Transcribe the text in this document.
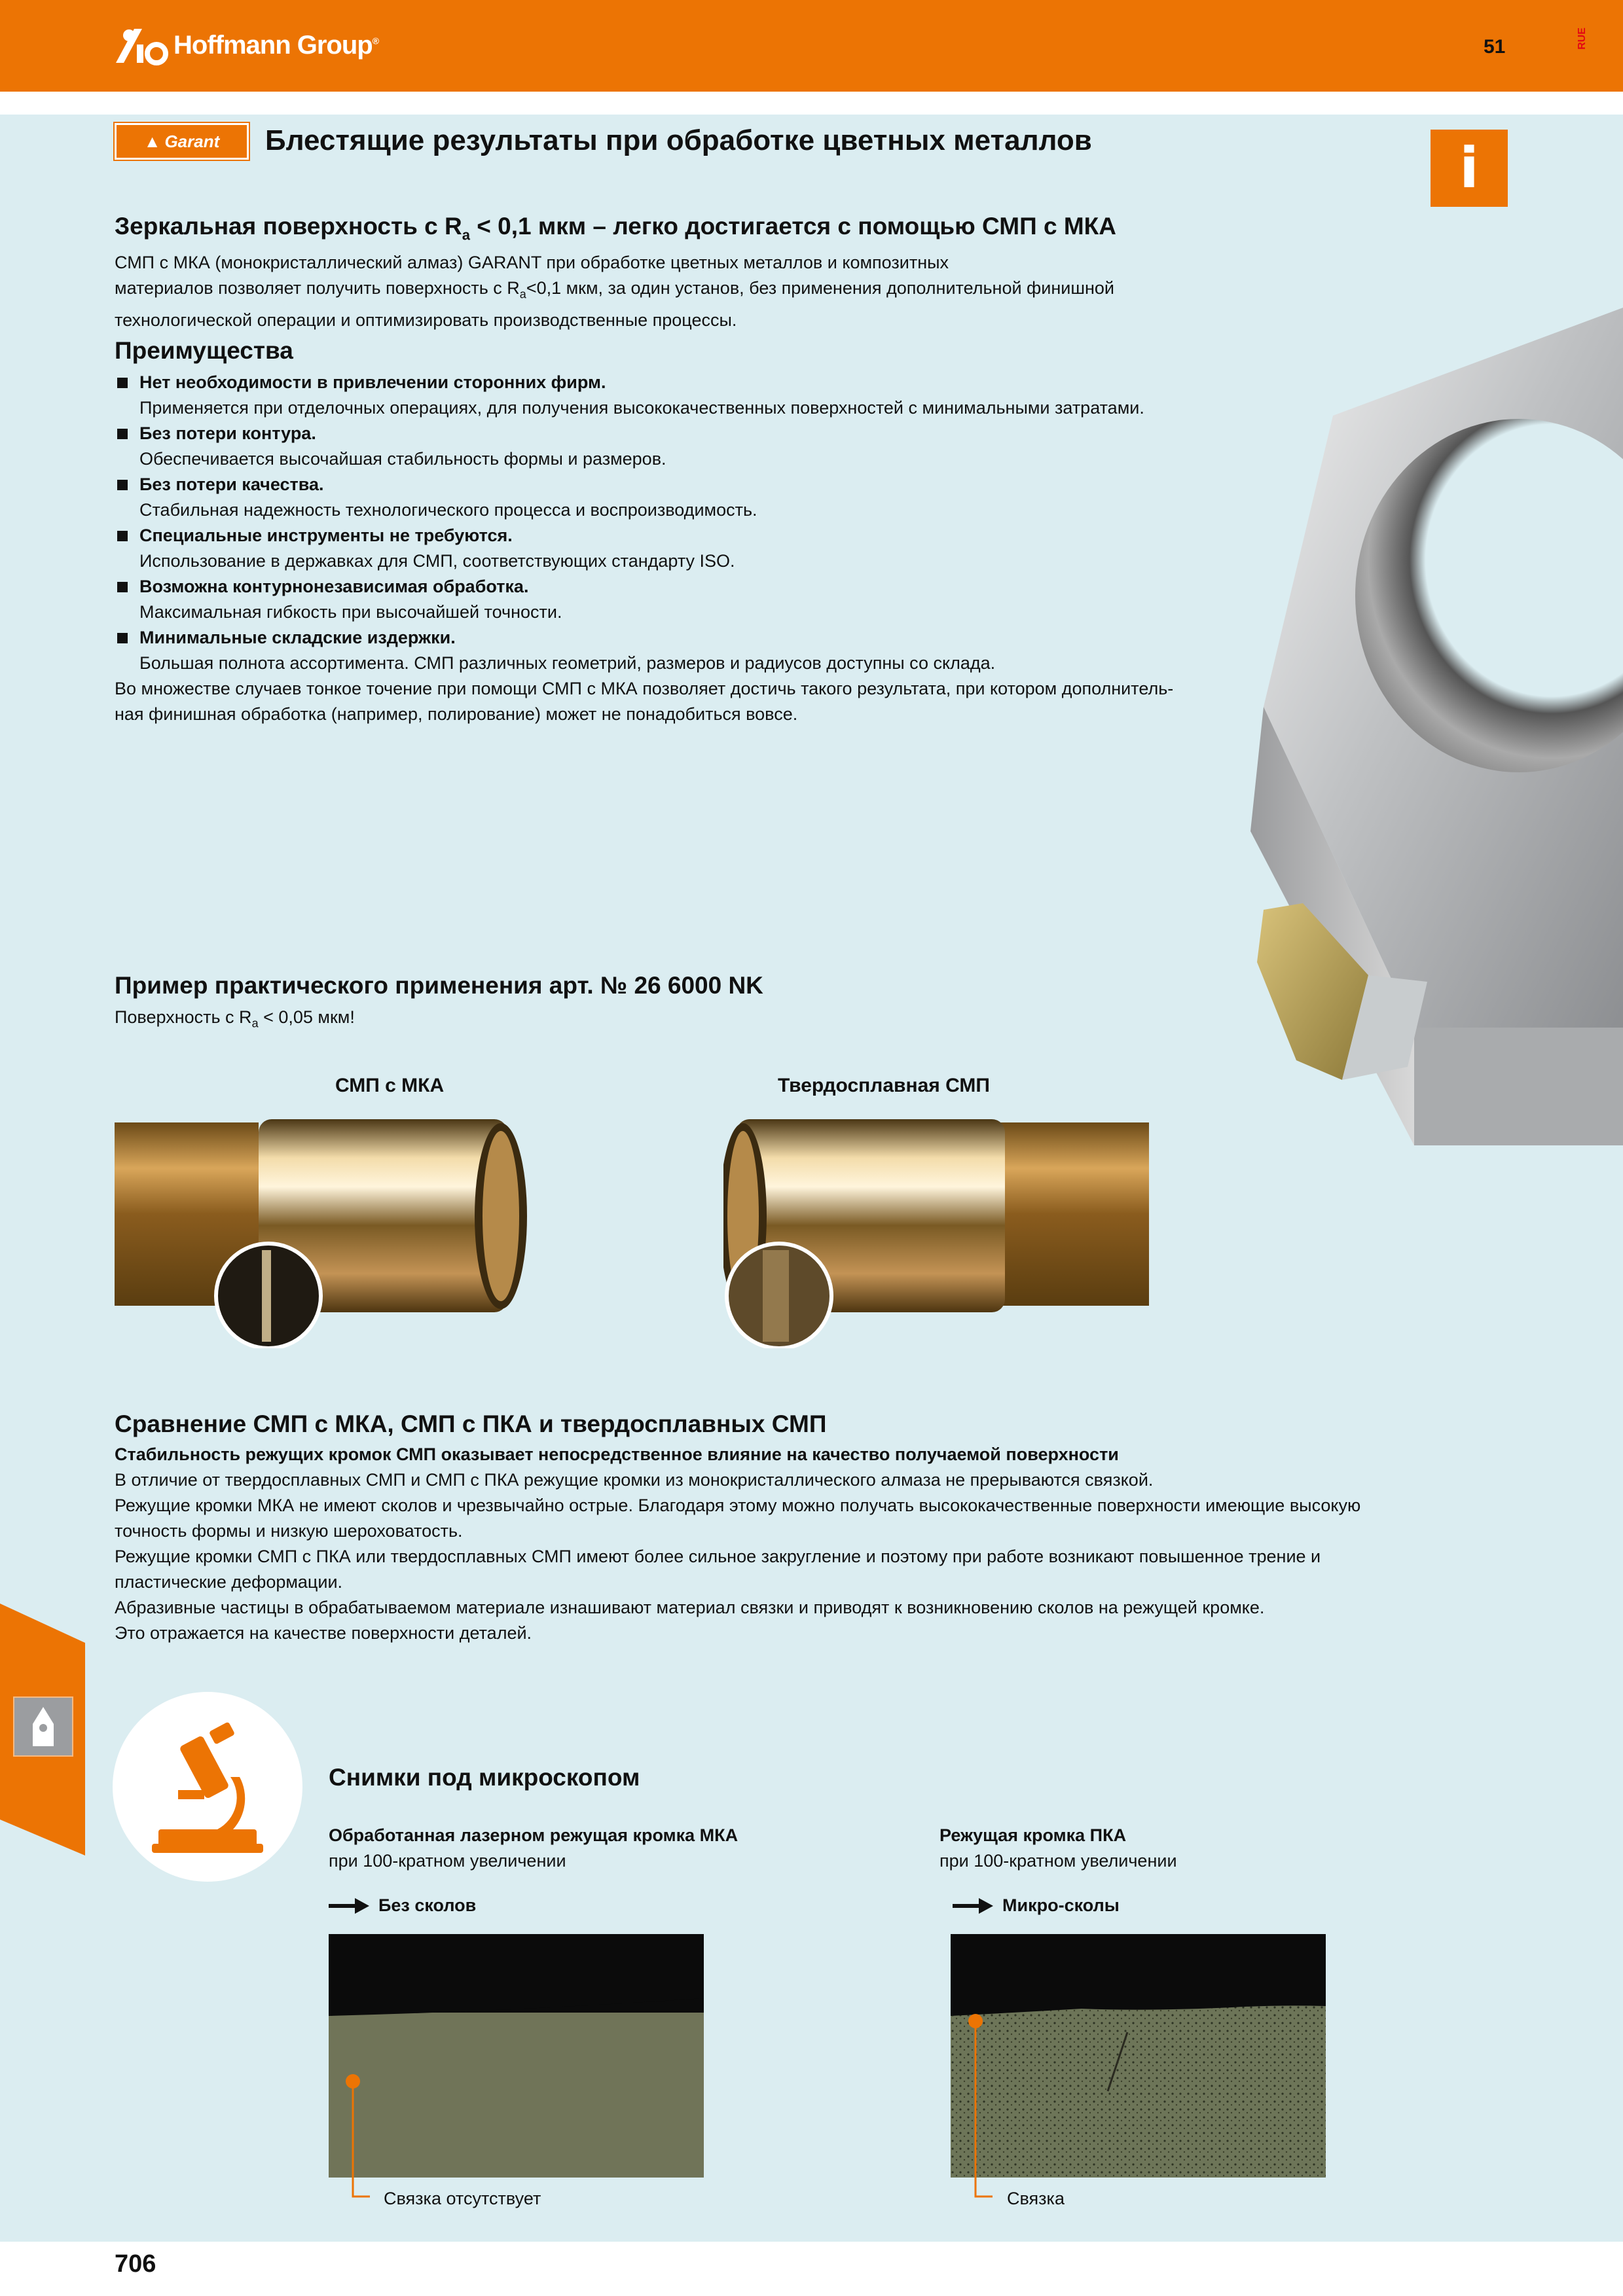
Hoffmann Group®	51	RUE
▲ Garant Блестящие результаты при обработке цветных металлов	i
Зеркальная поверхность с $R_a < 0,1$ мкм – легко достигается с помощью СМП с МКА
СМП с МКА (монокристаллический алмаз) GARANT при обработке цветных металлов и композитных
материалов позволяет получить поверхность с $R_a<0,1$ мкм, за один установ, без применения дополнительной финишной
технологической операции и оптимизировать производственные процессы.
Преимущества
Нет необходимости в привлечении сторонних фирм.
Применяется при отделочных операциях, для получения высококачественных поверхностей с минимальными затратами.
Без потери контура.
Обеспечивается высочайшая стабильность формы и размеров.
Без потери качества.
Стабильная надежность технологического процесса и воспроизводимость.
Специальные инструменты не требуются.
Использование в державках для СМП, соответствующих стандарту ISO.
Возможна контурнонезависимая обработка.
Максимальная гибкость при высочайшей точности.
Минимальные складские издержки.
Большая полнота ассортимента. СМП различных геометрий, размеров и радиусов доступны со склада.
Во множестве случаев тонкое точение при помощи СМП с МКА позволяет достичь такого результата, при котором дополнитель-
ная финишная обработка (например, полирование) может не понадобиться вовсе.
Пример практического применения арт. № 26 6000 NK
Поверхность с $R_a < 0,05$ мкм!
СМП с МКА	Твердосплавная СМП
Сравнение СМП с МКА, СМП с ПКА и твердосплавных СМП
Стабильность режущих кромок СМП оказывает непосредственное влияние на качество получаемой поверхности
В отличие от твердосплавных СМП и СМП с ПКА режущие кромки из монокристаллического алмаза не прерываются связкой.
Режущие кромки МКА не имеют сколов и чрезвычайно острые. Благодаря этому можно получать высококачественные поверхности имеющие высокую
точность формы и низкую шероховатость.
Режущие кромки СМП с ПКА или твердосплавных СМП имеют более сильное закругление и поэтому при работе возникают повышенное трение и
пластические деформации.
Абразивные частицы в обрабатываемом материале изнашивают материал связки и приводят к возникновению сколов на режущей кромке.
Это отражается на качестве поверхности деталей.
Снимки под микроскопом
Обработанная лазерном режущая кромка МКА
при 100-кратном увеличении
Режущая кромка ПКА
при 100-кратном увеличении
Без сколов	Микро-сколы
Связка отсутствует	Связка
706
